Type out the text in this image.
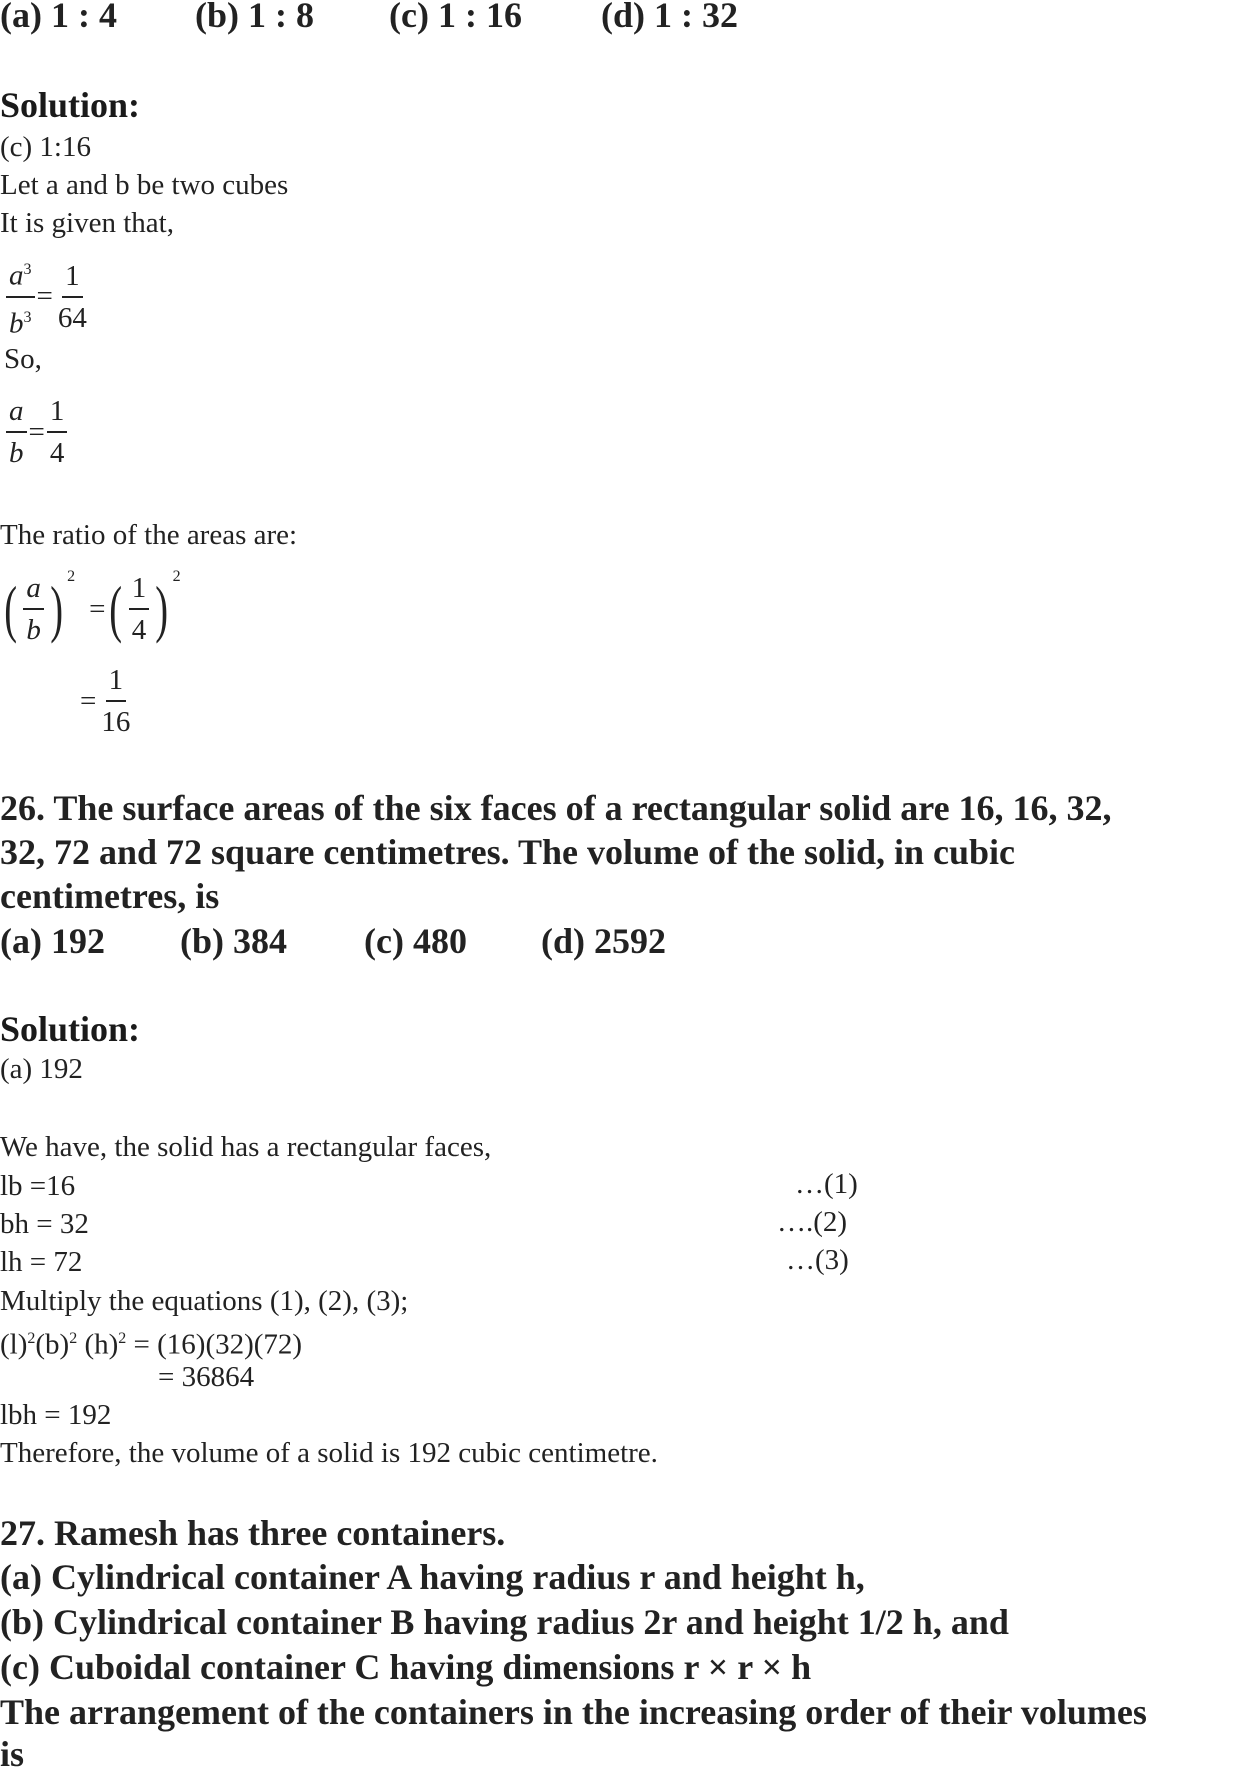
(a) 1 : 4 (b) 1 : 8 (c) 1 : 16 (d) 1 : 32
Solution:
(c) 1:16
Let a and b be two cubes
It is given that,
$\frac{a^3}{b^3} = \frac{1}{64}$
So,
$\frac{a}{b} = \frac{1}{4}$
The ratio of the areas are:
( a
b ) $^2$
= ( 1
4 ) $^2$
= $\frac{1}{16}$
26. The surface areas of the six faces of a rectangular solid are 16, 16, 32,
32, 72 and 72 square centimetres. The volume of the solid, in cubic
centimetres, is
(a) 192 (b) 384 (c) 480 (d) 2592
Solution:
(a) 192
We have, the solid has a rectangular faces,
lb =16	…(1)
bh = 32	….(2)
lh = 72	…(3)
Multiply the equations (1), (2), (3);
$(l)^2(b)^2$ $(h)^2 = (16)(32)(72)$
= 36864
lbh = 192
Therefore, the volume of a solid is 192 cubic centimetre.
27. Ramesh has three containers.
(a) Cylindrical container A having radius r and height h,
(b) Cylindrical container B having radius 2r and height 1/2 h, and
(c) Cuboidal container C having dimensions r × r × h
The arrangement of the containers in the increasing order of their volumes
is
